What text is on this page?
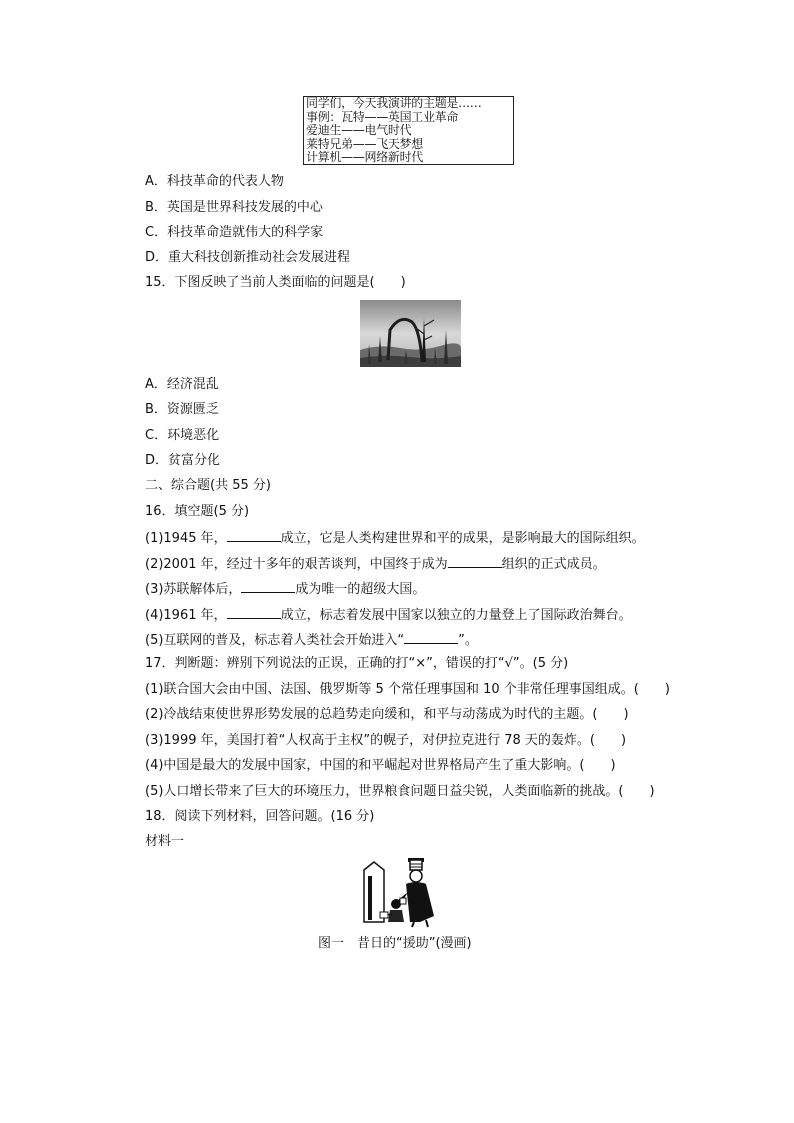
同学们，今天我演讲的主题是……
事例：瓦特——英国工业革命
爱迪生——电气时代
莱特兄弟——飞天梦想
计算机——网络新时代
A．科技革命的代表人物
B．英国是世界科技发展的中心
C．科技革命造就伟大的科学家
D．重大科技创新推动社会发展进程
15．下图反映了当前人类面临的问题是(　　)
A．经济混乱
B．资源匮乏
C．环境恶化
D．贫富分化
二、综合题(共 55 分)
16．填空题(5 分)
(1)1945 年，	成立，它是人类构建世界和平的成果，是影响最大的国际组织。
(2)2001 年，经过十多年的艰苦谈判，中国终于成为	组织的正式成员。
(3)苏联解体后，	成为唯一的超级大国。
(4)1961 年，	成立，标志着发展中国家以独立的力量登上了国际政治舞台。
(5)互联网的普及，标志着人类社会开始进入“	”。
17．判断题：辨别下列说法的正误，正确的打“×”，错误的打“√”。(5 分)
(1)联合国大会由中国、法国、俄罗斯等 5 个常任理事国和 10 个非常任理事国组成。(　　)
(2)冷战结束使世界形势发展的总趋势走向缓和，和平与动荡成为时代的主题。(　　)
(3)1999 年，美国打着“人权高于主权”的幌子，对伊拉克进行 78 天的轰炸。(　　)
(4)中国是最大的发展中国家，中国的和平崛起对世界格局产生了重大影响。(　　)
(5)人口增长带来了巨大的环境压力，世界粮食问题日益尖锐，人类面临新的挑战。(　　)
18．阅读下列材料，回答问题。(16 分)
材料一
图一　昔日的“援助”(漫画)
